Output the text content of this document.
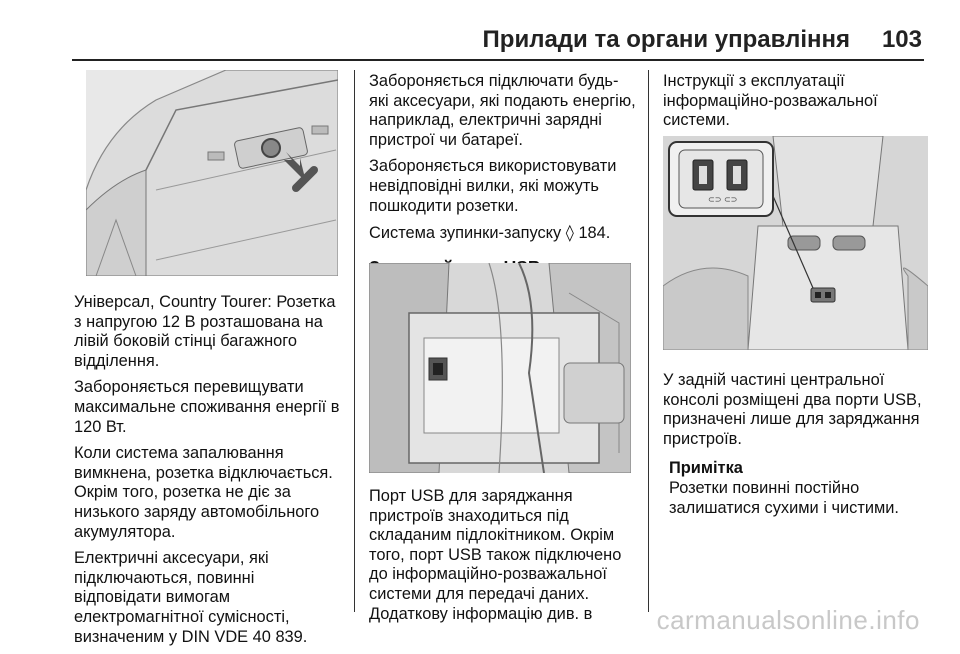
Прилади та органи управління 103

Універсал, Country Tourer: Розетка з напругою 12 В розташована на лівій боковій стінці багажного відділення.

Забороняється перевищувати максимальне споживання енергії в 120 Вт.

Коли система запалювання вимкнена, розетка відключається. Окрім того, розетка не діє за низького заряду автомобільного акумулятора.

Електричні аксесуари, які підключаються, повинні відповідати вимогам електромагнітної сумісності, визначеним у DIN VDE 40 839.

Забороняється підключати будь-які аксесуари, які подають енергію, наприклад, електричні зарядні пристрої чи батареї.

Забороняється використовувати невідповідні вилки, які можуть пошкодити розетки.

Система зупинки-запуску ◊ 184.

Порт USB для заряджання пристроїв знаходиться під складаним підлокітником. Окрім того, порт USB також підключено до інформаційно-розважальної системи для передачі даних. Додаткову інформацію див. в

Інструкції з експлуатації інформаційно-розважальної системи.

⊂⊃ ⊂⊃

У задній частині центральної консолі розміщені два порти USB, призначені лише для заряджання пристроїв.

Примітка
Розетки повинні постійно залишатися сухими і чистими.
carmanualsonline.info
